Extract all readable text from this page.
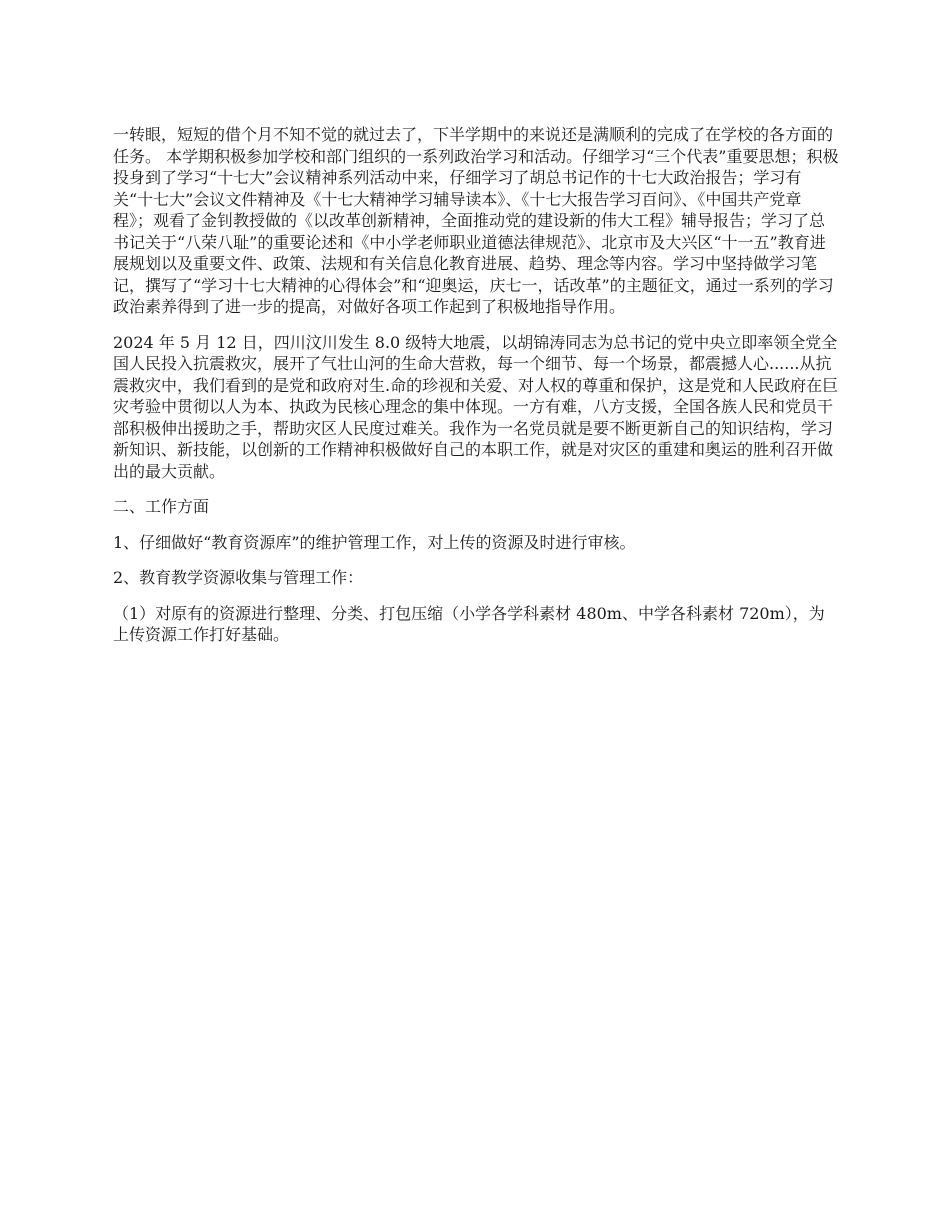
一转眼，短短的借个月不知不觉的就过去了，下半学期中的来说还是满顺利的完成了在学校的各方面的任务。 本学期积极参加学校和部门组织的一系列政治学习和活动。仔细学习“三个代表”重要思想；积极投身到了学习“十七大”会议精神系列活动中来，仔细学习了胡总书记作的十七大政治报告；学习有关“十七大”会议文件精神及《十七大精神学习辅导读本》、《十七大报告学习百问》、《中国共产党章程》；观看了金钊教授做的《以改革创新精神，全面推动党的建设新的伟大工程》辅导报告；学习了总书记关于“八荣八耻”的重要论述和《中小学老师职业道德法律规范》、北京市及大兴区“十一五”教育进展规划以及重要文件、政策、法规和有关信息化教育进展、趋势、理念等内容。学习中坚持做学习笔记，撰写了“学习十七大精神的心得体会”和“迎奥运，庆七一，话改革”的主题征文，通过一系列的学习政治素养得到了进一步的提高，对做好各项工作起到了积极地指导作用。

2024 年 5 月 12 日，四川汶川发生 8.0 级特大地震，以胡锦涛同志为总书记的党中央立即率领全党全国人民投入抗震救灾，展开了气壮山河的生命大营救，每一个细节、每一个场景，都震撼人心......从抗震救灾中，我们看到的是党和政府对生.命的珍视和关爱、对人权的尊重和保护，这是党和人民政府在巨灾考验中贯彻以人为本、执政为民核心理念的集中体现。一方有难，八方支援，全国各族人民和党员干部积极伸出援助之手，帮助灾区人民度过难关。我作为一名党员就是要不断更新自己的知识结构，学习新知识、新技能，以创新的工作精神积极做好自己的本职工作，就是对灾区的重建和奥运的胜利召开做出的最大贡献。

二、工作方面

1、仔细做好“教育资源库”的维护管理工作，对上传的资源及时进行审核。

2、教育教学资源收集与管理工作：

（1）对原有的资源进行整理、分类、打包压缩（小学各学科素材 480m、中学各科素材 720m），为上传资源工作打好基础。
